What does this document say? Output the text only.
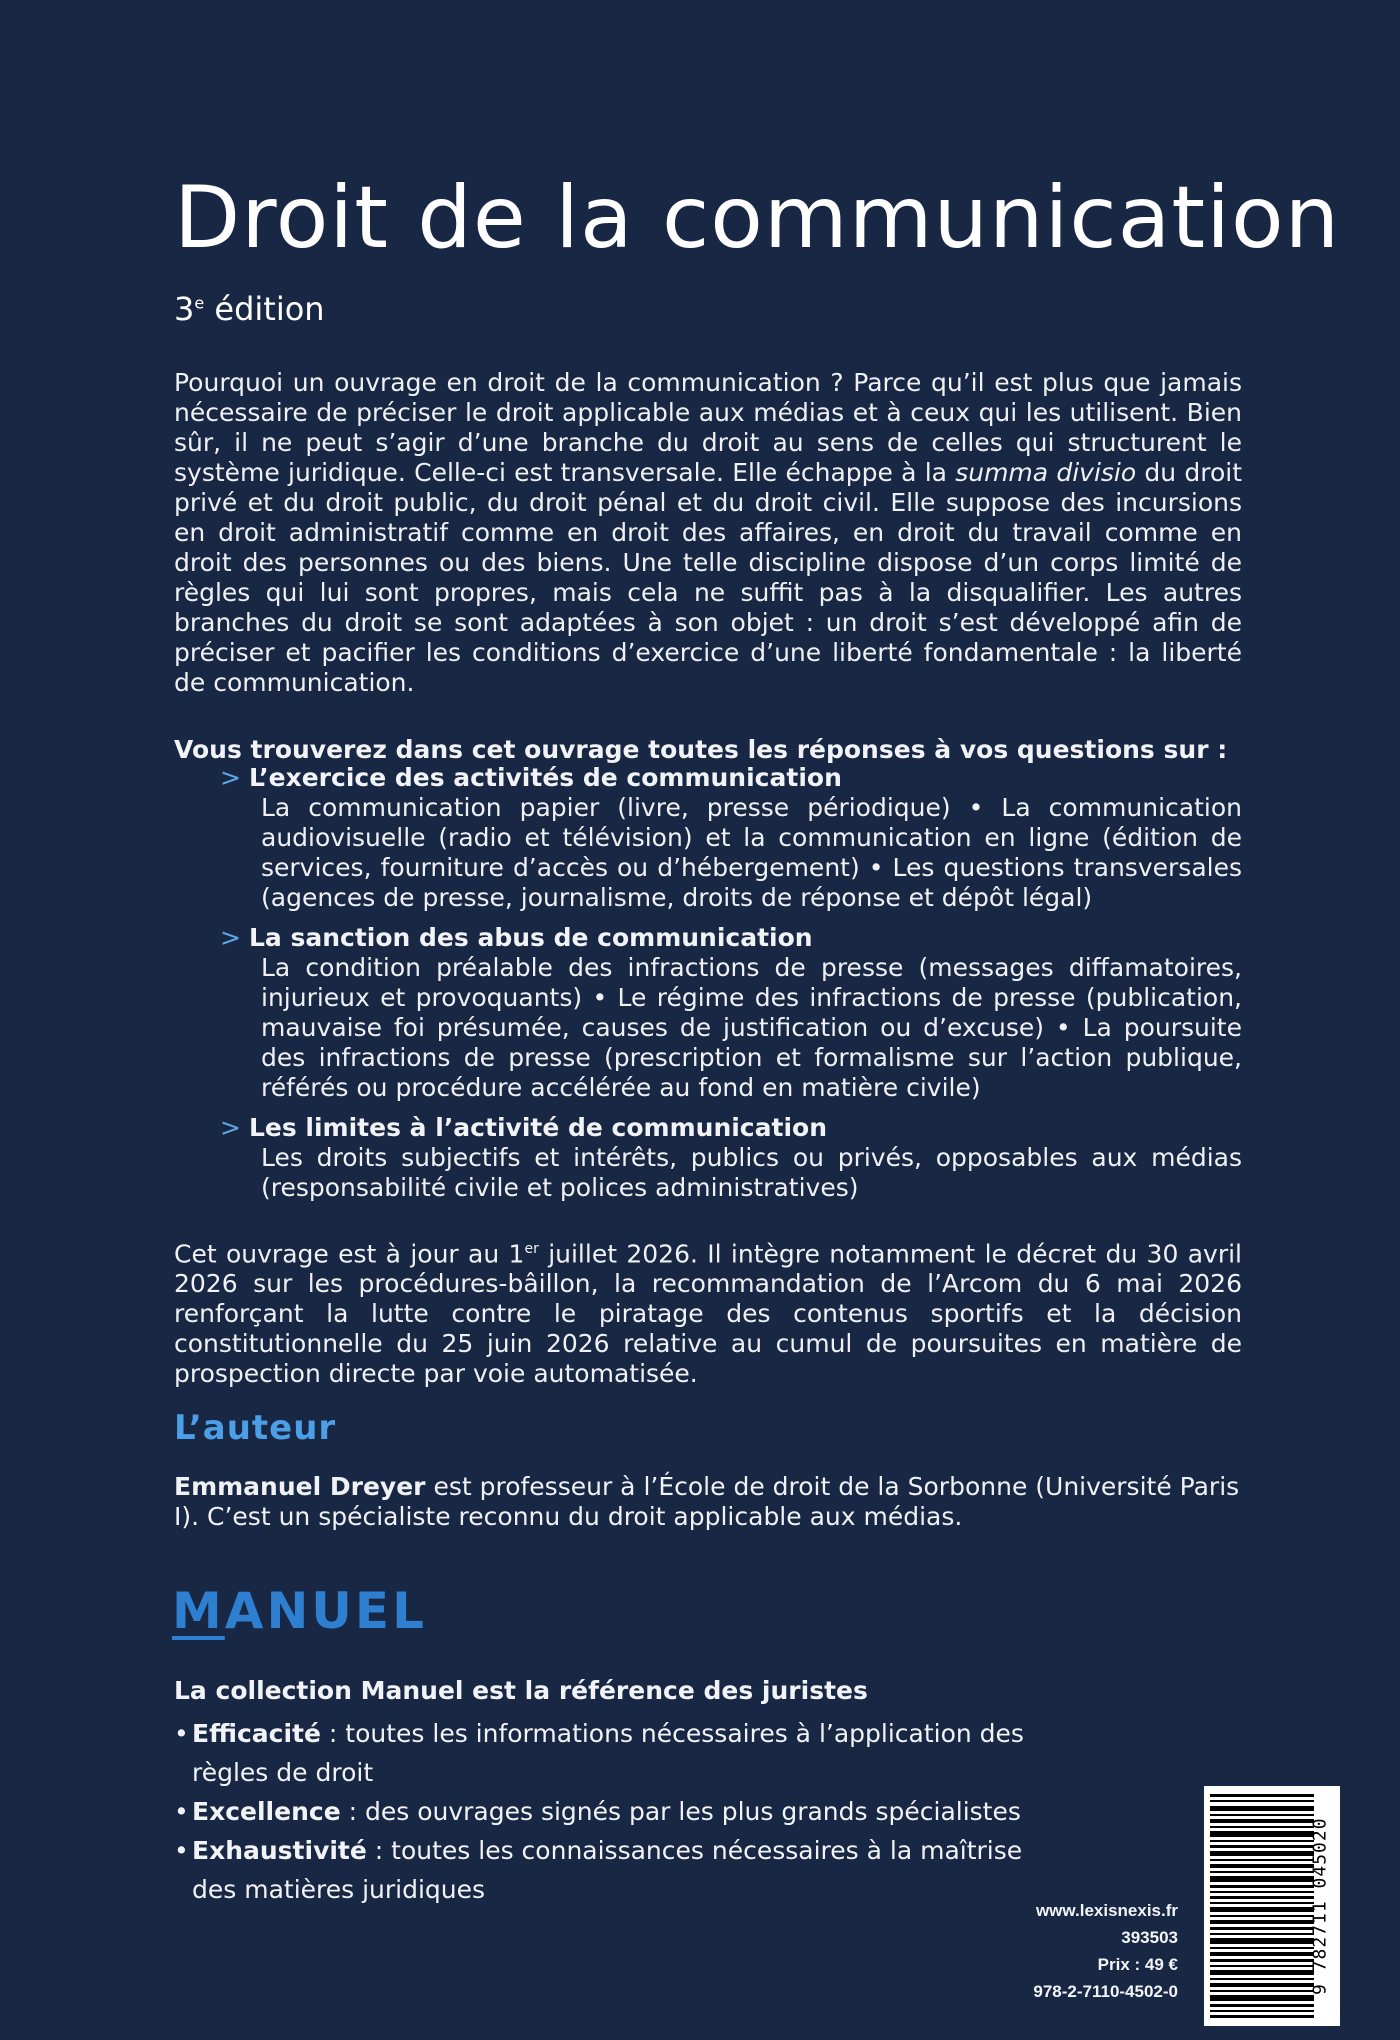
Droit de la communication
3e édition

Pourquoi un ouvrage en droit de la communication ? Parce qu’il est plus que jamais nécessaire de préciser le droit applicable aux médias et à ceux qui les utilisent. Bien sûr, il ne peut s’agir d’une branche du droit au sens de celles qui structurent le système juridique. Celle-ci est transversale. Elle échappe à la summa divisio du droit privé et du droit public, du droit pénal et du droit civil. Elle suppose des incursions en droit administratif comme en droit des affaires, en droit du travail comme en droit des personnes ou des biens. Une telle discipline dispose d’un corps limité de règles qui lui sont propres, mais cela ne suffit pas à la disqualifier. Les autres branches du droit se sont adaptées à son objet : un droit s’est développé afin de préciser et pacifier les conditions d’exercice d’une liberté fondamentale : la liberté de communication.

Vous trouverez dans cet ouvrage toutes les réponses à vos questions sur :
> L’exercice des activités de communication
La communication papier (livre, presse périodique) • La communication audiovisuelle (radio et télévision) et la communication en ligne (édition de services, fourniture d’accès ou d’hébergement) • Les questions transversales (agences de presse, journalisme, droits de réponse et dépôt légal)
> La sanction des abus de communication
La condition préalable des infractions de presse (messages diffamatoires, injurieux et provoquants) • Le régime des infractions de presse (publication, mauvaise foi présumée, causes de justification ou d’excuse) • La poursuite des infractions de presse (prescription et formalisme sur l’action publique, référés ou procédure accélérée au fond en matière civile)
> Les limites à l’activité de communication
Les droits subjectifs et intérêts, publics ou privés, opposables aux médias (responsabilité civile et polices administratives)

Cet ouvrage est à jour au 1er juillet 2026. Il intègre notamment le décret du 30 avril 2026 sur les procédures-bâillon, la recommandation de l’Arcom du 6 mai 2026 renforçant la lutte contre le piratage des contenus sportifs et la décision constitutionnelle du 25 juin 2026 relative au cumul de poursuites en matière de prospection directe par voie automatisée.

L’auteur

Emmanuel Dreyer est professeur à l’École de droit de la Sorbonne (Université Paris I). C’est un spécialiste reconnu du droit applicable aux médias.

MANUEL
La collection Manuel est la référence des juristes
• Efficacité : toutes les informations nécessaires à l’application des règles de droit
• Excellence : des ouvrages signés par les plus grands spécialistes
• Exhaustivité : toutes les connaissances nécessaires à la maîtrise des matières juridiques
www.lexisnexis.fr
393503
Prix : 49 €
978-2-7110-4502-0	9 782711 045020
